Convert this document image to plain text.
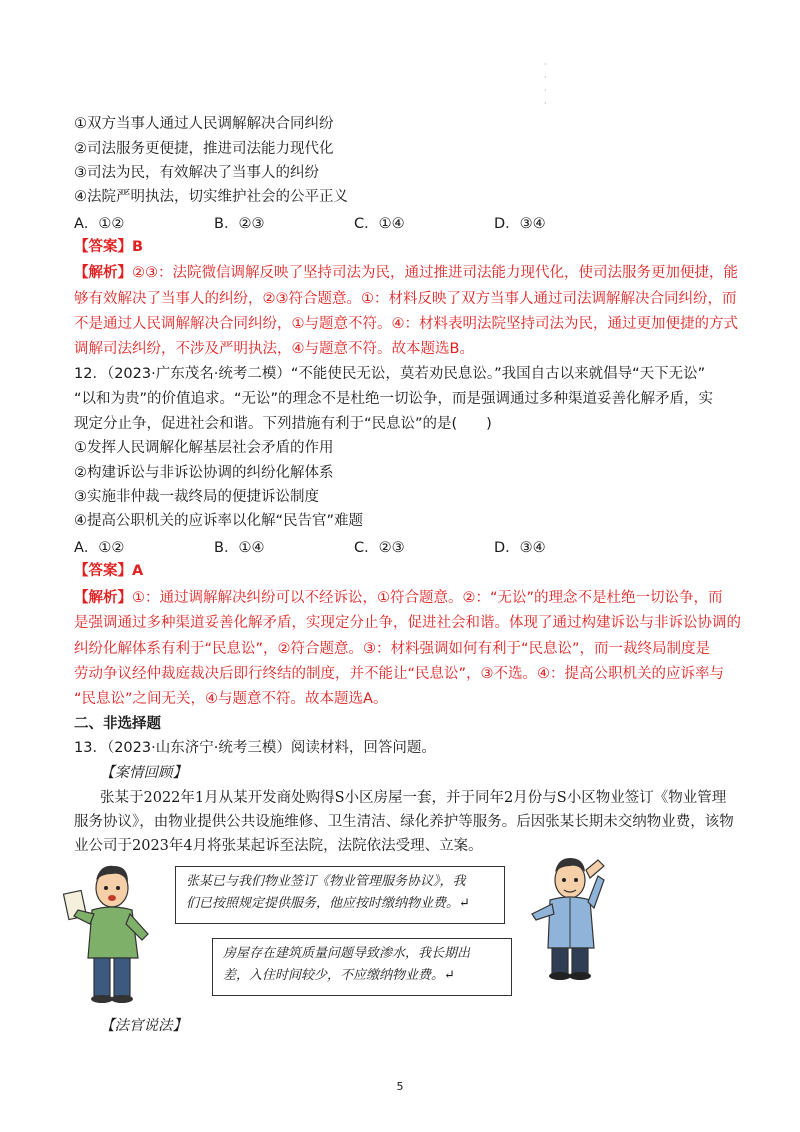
·
·
·
·
①双方当事人通过人民调解解决合同纠纷
②司法服务更便捷，推进司法能力现代化
③司法为民，有效解决了当事人的纠纷
④法院严明执法，切实维护社会的公平正义
A．①②	B．②③	C．①④	D．③④
【答案】B
【解析】②③：法院微信调解反映了坚持司法为民，通过推进司法能力现代化，使司法服务更加便捷，能
够有效解决了当事人的纠纷，②③符合题意。①：材料反映了双方当事人通过司法调解解决合同纠纷，而
不是通过人民调解解决合同纠纷，①与题意不符。④：材料表明法院坚持司法为民，通过更加便捷的方式
调解司法纠纷，不涉及严明执法，④与题意不符。故本题选B。
12．（2023·广东茂名·统考二模）“不能使民无讼，莫若劝民息讼。”我国自古以来就倡导“天下无讼”
“以和为贵”的价值追求。“无讼”的理念不是杜绝一切讼争，而是强调通过多种渠道妥善化解矛盾，实
现定分止争，促进社会和谐。下列措施有利于“民息讼”的是(　　)
①发挥人民调解化解基层社会矛盾的作用
②构建诉讼与非诉讼协调的纠纷化解体系
③实施非仲裁一裁终局的便捷诉讼制度
④提高公职机关的应诉率以化解“民告官”难题
A．①②	B．①④	C．②③	D．③④
【答案】A
【解析】①：通过调解解决纠纷可以不经诉讼，①符合题意。②：“无讼”的理念不是杜绝一切讼争，而
是强调通过多种渠道妥善化解矛盾，实现定分止争，促进社会和谐。体现了通过构建诉讼与非诉讼协调的
纠纷化解体系有利于“民息讼”，②符合题意。③：材料强调如何有利于“民息讼”，而一裁终局制度是
劳动争议经仲裁庭裁决后即行终结的制度，并不能让“民息讼”，③不选。④：提高公职机关的应诉率与
“民息讼”之间无关，④与题意不符。故本题选A。
二、非选择题
13．（2023·山东济宁·统考三模）阅读材料，回答问题。
【案情回顾】
张某于2022年1月从某开发商处购得S小区房屋一套，并于同年2月份与S小区物业签订《物业管理
服务协议》，由物业提供公共设施维修、卫生清洁、绿化养护等服务。后因张某长期未交纳物业费，该物
业公司于2023年4月将张某起诉至法院，法院依法受理、立案。
张某已与我们物业签订《物业管理服务协议》，我
们已按照规定提供服务，他应按时缴纳物业费。↵
房屋存在建筑质量问题导致渗水，我长期出
差，入住时间较少，不应缴纳物业费。↵
【法官说法】
5
